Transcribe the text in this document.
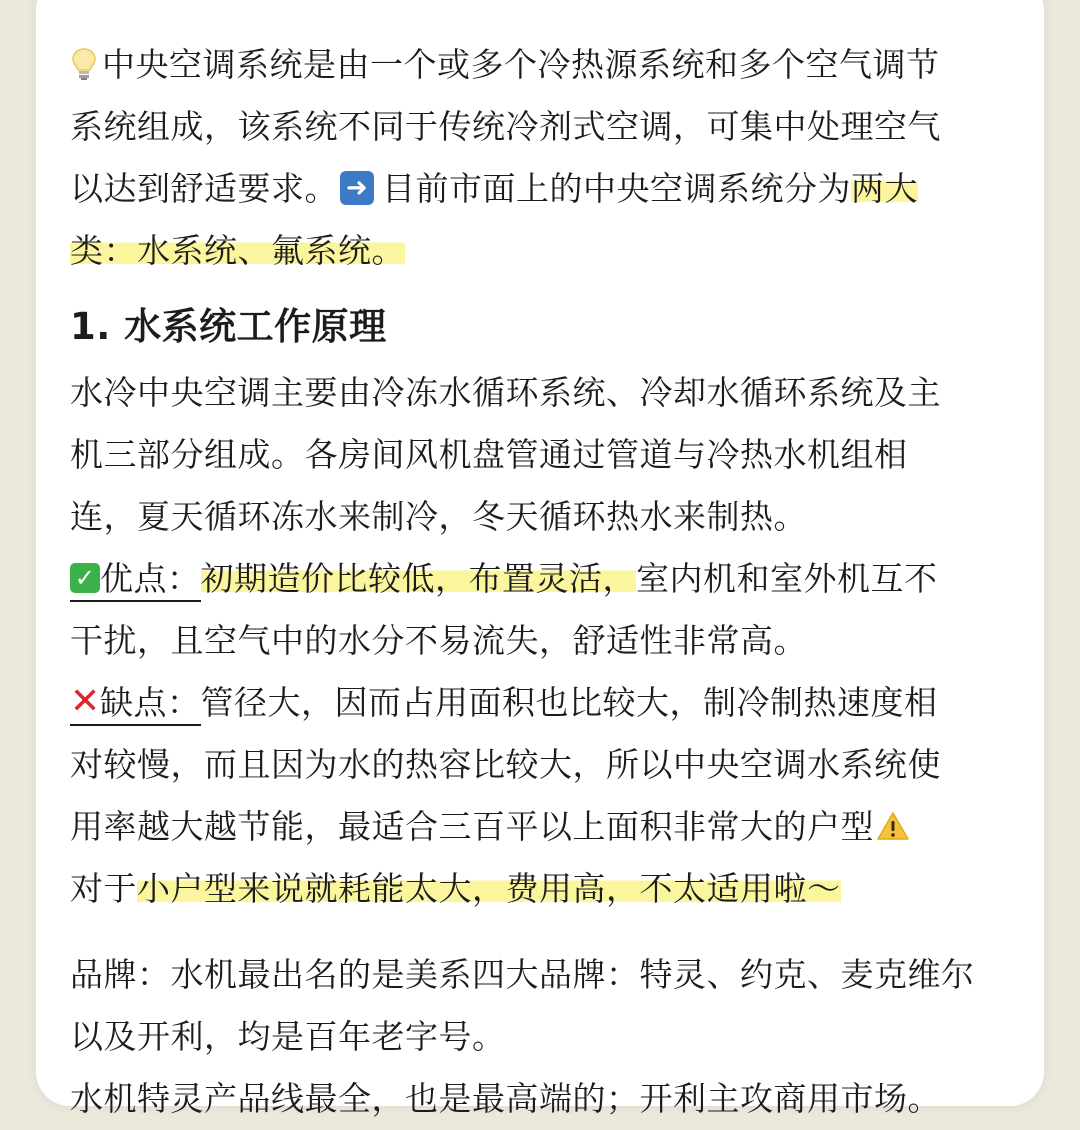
中央空调系统是由一个或多个冷热源系统和多个空气调节

系统组成，该系统不同于传统冷剂式空调，可集中处理空气

以达到舒适要求。 ➜ 目前市面上的中央空调系统分为两大

类：水系统、氟系统。

1. 水系统工作原理

水冷中央空调主要由冷冻水循环系统、冷却水循环系统及主

机三部分组成。各房间风机盘管通过管道与冷热水机组相

连，夏天循环冻水来制冷，冬天循环热水来制热。

✓ 优点：初期造价比较低，布置灵活，室内机和室外机互不

干扰，且空气中的水分不易流失，舒适性非常高。

✕缺点：管径大，因而占用面积也比较大，制冷制热速度相

对较慢，而且因为水的热容比较大，所以中央空调水系统使

用率越大越节能，最适合三百平以上面积非常大的户型

对于小户型来说就耗能太大，费用高，不太适用啦～

品牌：水机最出名的是美系四大品牌：特灵、约克、麦克维尔

以及开利，均是百年老字号。

水机特灵产品线最全，也是最高端的；开利主攻商用市场。
